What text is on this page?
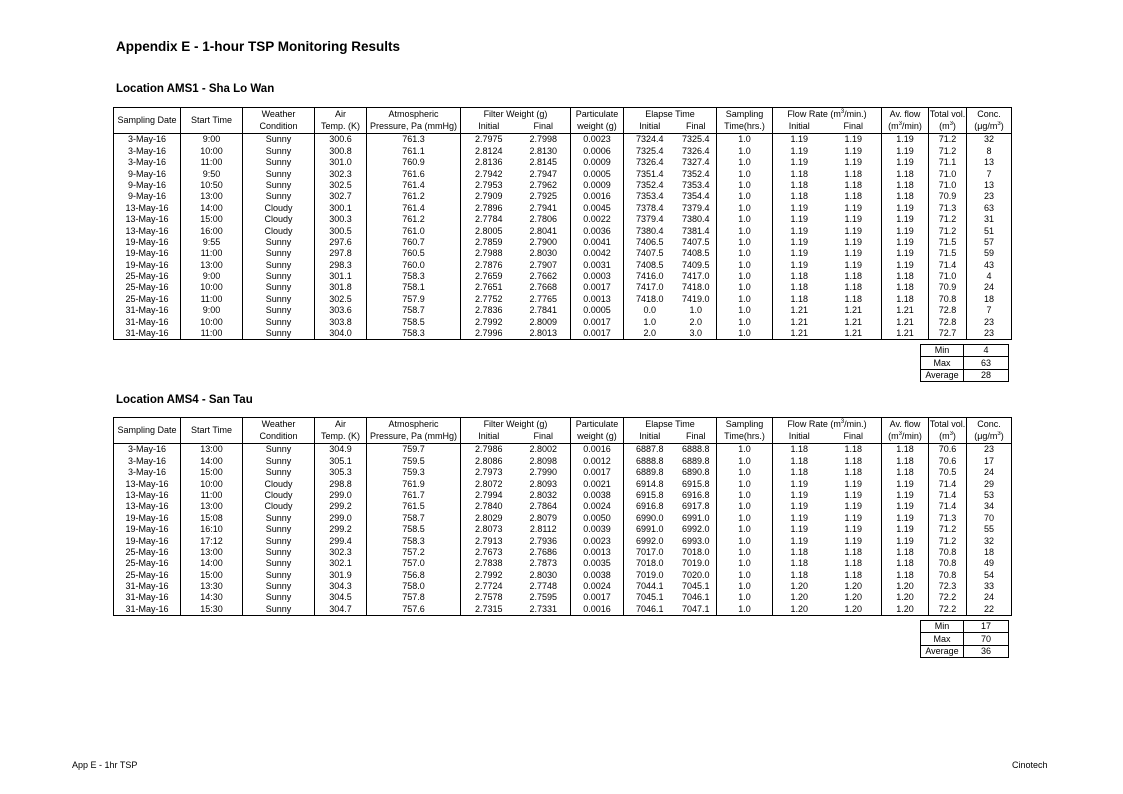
Appendix E - 1-hour TSP Monitoring Results
Location AMS1 - Sha Lo Wan
Sampling Date	Start Time	Weather	Air	Atmospheric	Filter Weight (g)		Particulate	Elapse Time		Sampling	Flow Rate $(m^3/\min.)$		Av. flow	Total vol.	Conc.
		Condition	Temp. (K)	Pressure, Pa (mmHg)	Initial	Final	weight (g)	Initial	Final	Time(hrs.)	Initial	Final	$(m^3/\min)$	$(m^3)$	$(\mu g/m^3)$
3-May-16	9:00	Sunny	300.6	761.3	2.7975	2.7998	0.0023	7324.4	7325.4	1.0	1.19	1.19	1.19	71.2	32
3-May-16	10:00	Sunny	300.8	761.1	2.8124	2.8130	0.0006	7325.4	7326.4	1.0	1.19	1.19	1.19	71.2	8
3-May-16	11:00	Sunny	301.0	760.9	2.8136	2.8145	0.0009	7326.4	7327.4	1.0	1.19	1.19	1.19	71.1	13
9-May-16	9:50	Sunny	302.3	761.6	2.7942	2.7947	0.0005	7351.4	7352.4	1.0	1.18	1.18	1.18	71.0	7
9-May-16	10:50	Sunny	302.5	761.4	2.7953	2.7962	0.0009	7352.4	7353.4	1.0	1.18	1.18	1.18	71.0	13
9-May-16	13:00	Sunny	302.7	761.2	2.7909	2.7925	0.0016	7353.4	7354.4	1.0	1.18	1.18	1.18	70.9	23
13-May-16	14:00	Cloudy	300.1	761.4	2.7896	2.7941	0.0045	7378.4	7379.4	1.0	1.19	1.19	1.19	71.3	63
13-May-16	15:00	Cloudy	300.3	761.2	2.7784	2.7806	0.0022	7379.4	7380.4	1.0	1.19	1.19	1.19	71.2	31
13-May-16	16:00	Cloudy	300.5	761.0	2.8005	2.8041	0.0036	7380.4	7381.4	1.0	1.19	1.19	1.19	71.2	51
19-May-16	9:55	Sunny	297.6	760.7	2.7859	2.7900	0.0041	7406.5	7407.5	1.0	1.19	1.19	1.19	71.5	57
19-May-16	11:00	Sunny	297.8	760.5	2.7988	2.8030	0.0042	7407.5	7408.5	1.0	1.19	1.19	1.19	71.5	59
19-May-16	13:00	Sunny	298.3	760.0	2.7876	2.7907	0.0031	7408.5	7409.5	1.0	1.19	1.19	1.19	71.4	43
25-May-16	9:00	Sunny	301.1	758.3	2.7659	2.7662	0.0003	7416.0	7417.0	1.0	1.18	1.18	1.18	71.0	4
25-May-16	10:00	Sunny	301.8	758.1	2.7651	2.7668	0.0017	7417.0	7418.0	1.0	1.18	1.18	1.18	70.9	24
25-May-16	11:00	Sunny	302.5	757.9	2.7752	2.7765	0.0013	7418.0	7419.0	1.0	1.18	1.18	1.18	70.8	18
31-May-16	9:00	Sunny	303.6	758.7	2.7836	2.7841	0.0005	0.0	1.0	1.0	1.21	1.21	1.21	72.8	7
31-May-16	10:00	Sunny	303.8	758.5	2.7992	2.8009	0.0017	1.0	2.0	1.0	1.21	1.21	1.21	72.8	23
31-May-16	11:00	Sunny	304.0	758.3	2.7996	2.8013	0.0017	2.0	3.0	1.0	1.21	1.21	1.21	72.7	23
Min	4
Max	63
Average	28
Location AMS4 - San Tau
Sampling Date	Start Time	Weather	Air	Atmospheric	Filter Weight (g)		Particulate	Elapse Time		Sampling	Flow Rate $(m^3/\min.)$		Av. flow	Total vol.	Conc.
		Condition	Temp. (K)	Pressure, Pa (mmHg)	Initial	Final	weight (g)	Initial	Final	Time(hrs.)	Initial	Final	$(m^3/\min)$	$(m^3)$	$(\mu g/m^3)$
3-May-16	13:00	Sunny	304.9	759.7	2.7986	2.8002	0.0016	6887.8	6888.8	1.0	1.18	1.18	1.18	70.6	23
3-May-16	14:00	Sunny	305.1	759.5	2.8086	2.8098	0.0012	6888.8	6889.8	1.0	1.18	1.18	1.18	70.6	17
3-May-16	15:00	Sunny	305.3	759.3	2.7973	2.7990	0.0017	6889.8	6890.8	1.0	1.18	1.18	1.18	70.5	24
13-May-16	10:00	Cloudy	298.8	761.9	2.8072	2.8093	0.0021	6914.8	6915.8	1.0	1.19	1.19	1.19	71.4	29
13-May-16	11:00	Cloudy	299.0	761.7	2.7994	2.8032	0.0038	6915.8	6916.8	1.0	1.19	1.19	1.19	71.4	53
13-May-16	13:00	Cloudy	299.2	761.5	2.7840	2.7864	0.0024	6916.8	6917.8	1.0	1.19	1.19	1.19	71.4	34
19-May-16	15:08	Sunny	299.0	758.7	2.8029	2.8079	0.0050	6990.0	6991.0	1.0	1.19	1.19	1.19	71.3	70
19-May-16	16:10	Sunny	299.2	758.5	2.8073	2.8112	0.0039	6991.0	6992.0	1.0	1.19	1.19	1.19	71.2	55
19-May-16	17:12	Sunny	299.4	758.3	2.7913	2.7936	0.0023	6992.0	6993.0	1.0	1.19	1.19	1.19	71.2	32
25-May-16	13:00	Sunny	302.3	757.2	2.7673	2.7686	0.0013	7017.0	7018.0	1.0	1.18	1.18	1.18	70.8	18
25-May-16	14:00	Sunny	302.1	757.0	2.7838	2.7873	0.0035	7018.0	7019.0	1.0	1.18	1.18	1.18	70.8	49
25-May-16	15:00	Sunny	301.9	756.8	2.7992	2.8030	0.0038	7019.0	7020.0	1.0	1.18	1.18	1.18	70.8	54
31-May-16	13:30	Sunny	304.3	758.0	2.7724	2.7748	0.0024	7044.1	7045.1	1.0	1.20	1.20	1.20	72.3	33
31-May-16	14:30	Sunny	304.5	757.8	2.7578	2.7595	0.0017	7045.1	7046.1	1.0	1.20	1.20	1.20	72.2	24
31-May-16	15:30	Sunny	304.7	757.6	2.7315	2.7331	0.0016	7046.1	7047.1	1.0	1.20	1.20	1.20	72.2	22
Min	17
Max	70
Average	36
App E - 1hr TSP	Cinotech
